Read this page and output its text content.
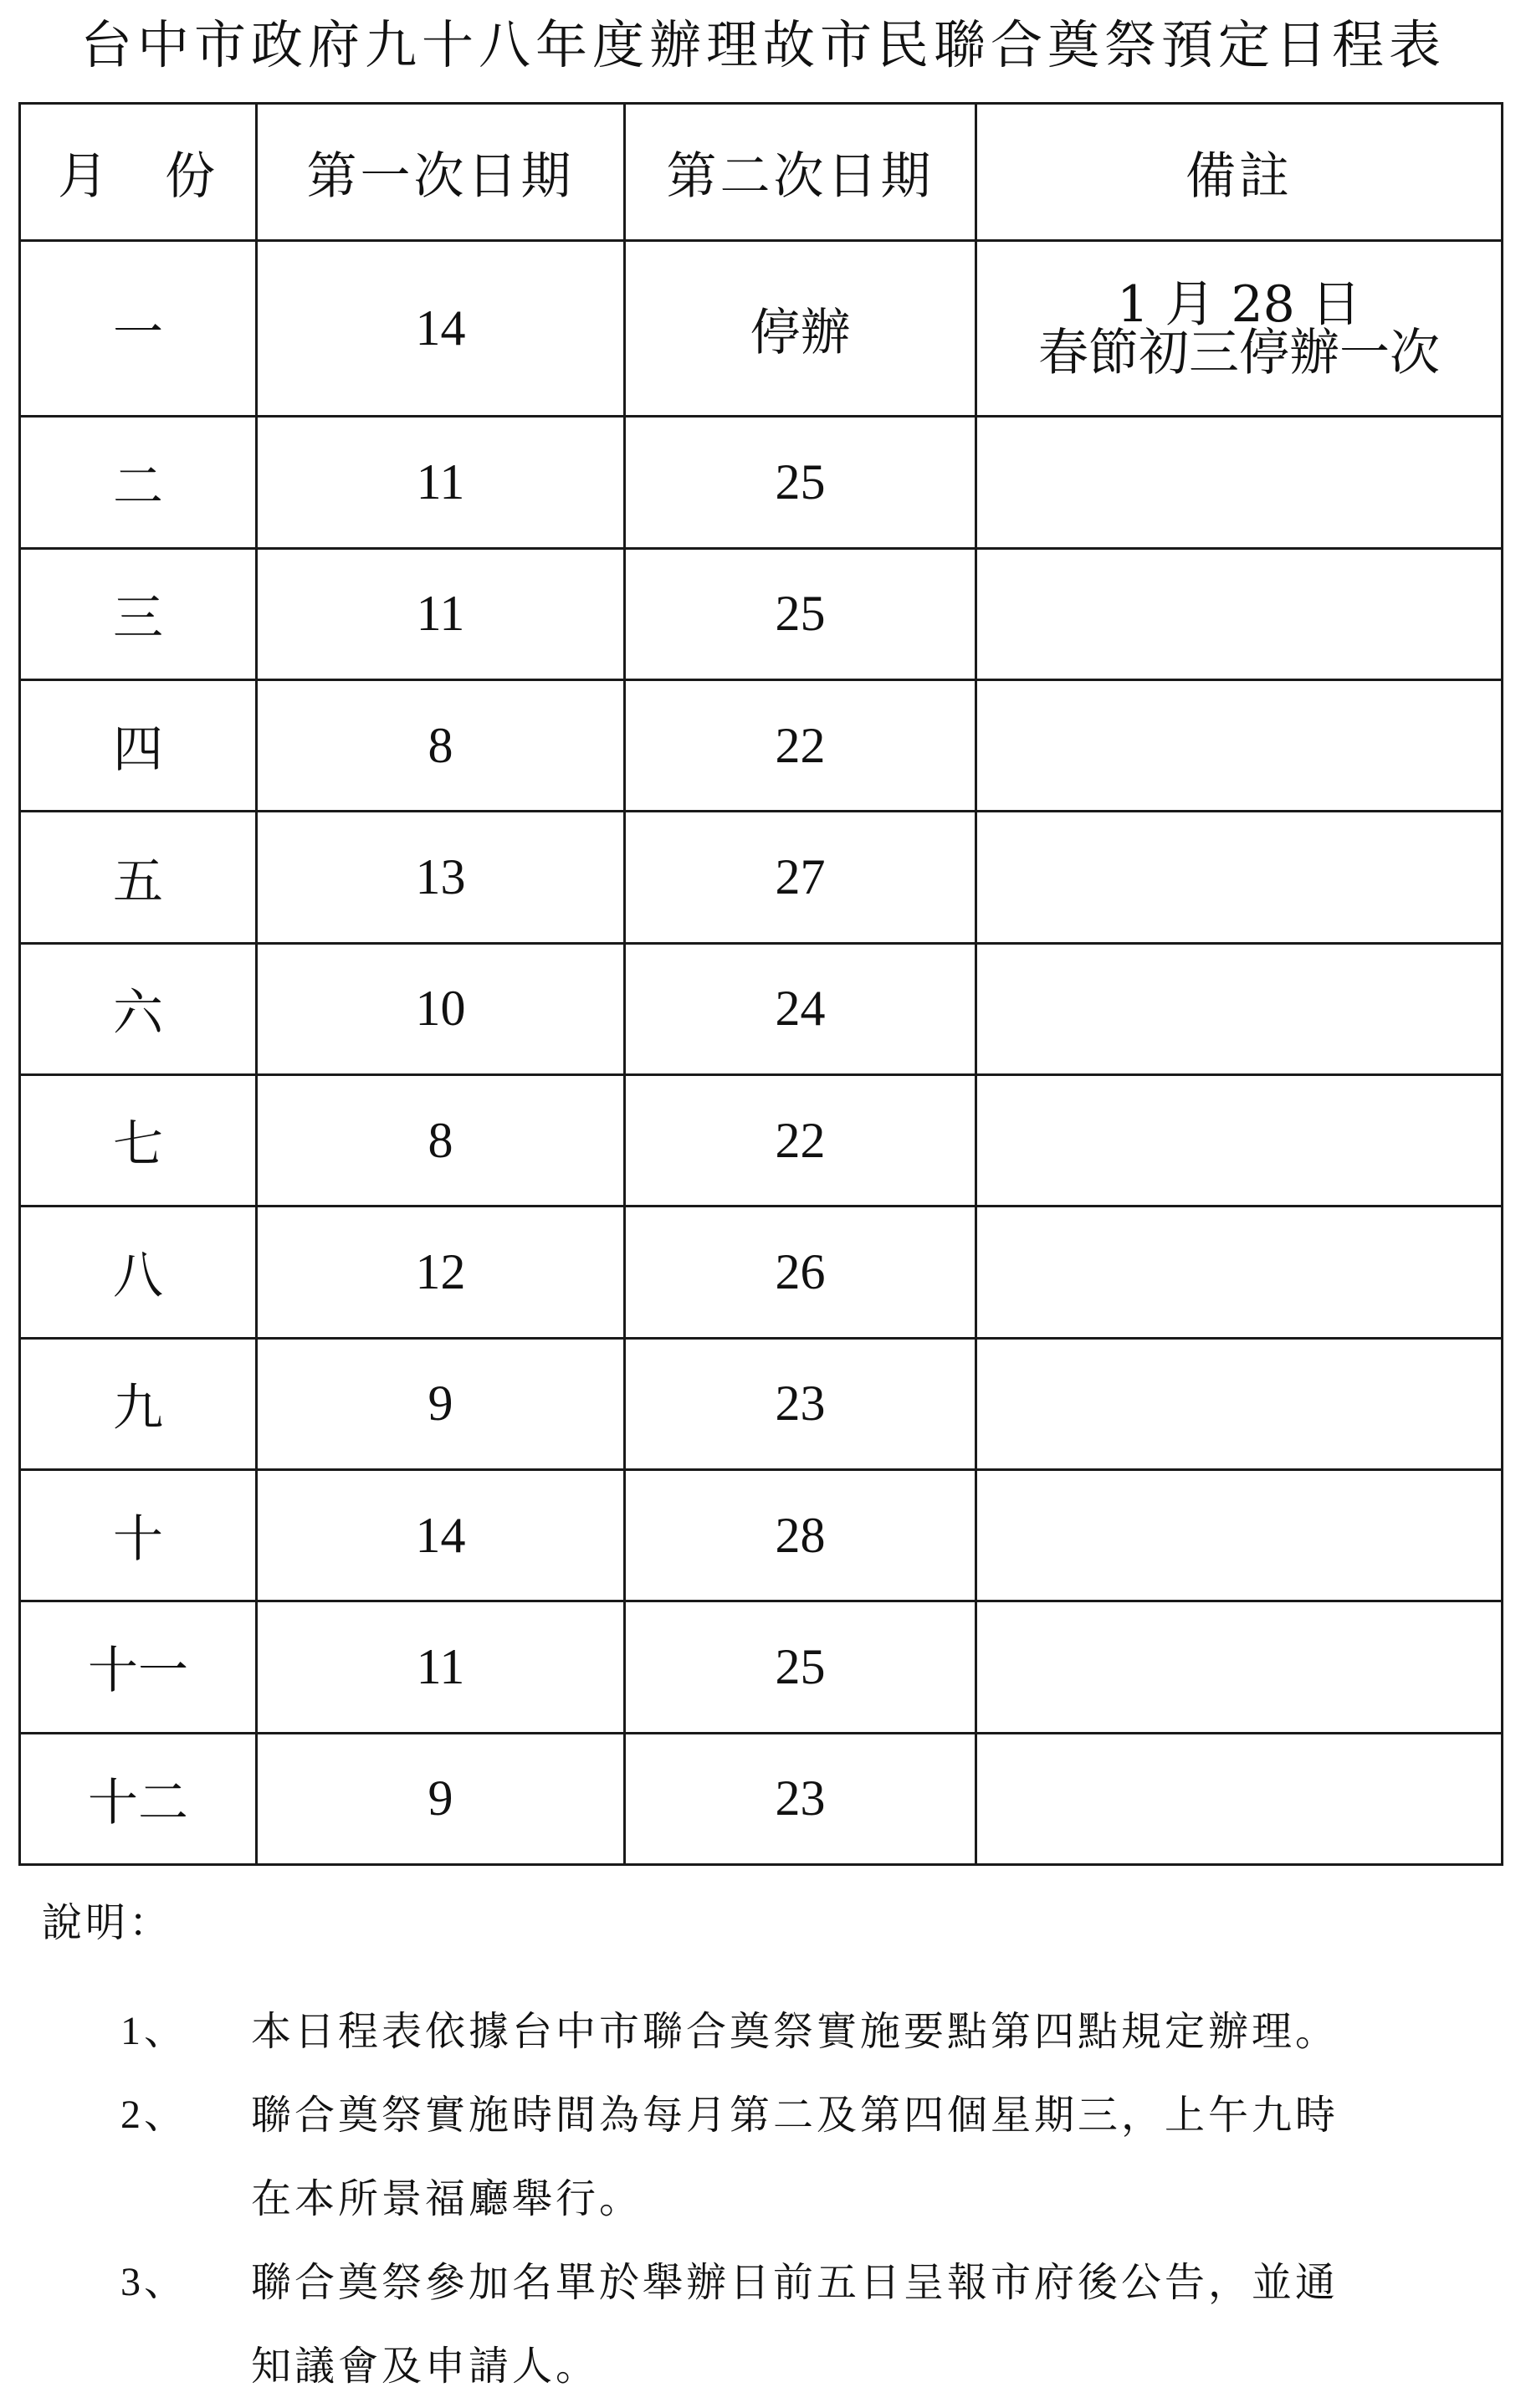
台中市政府九十八年度辦理故市民聯合奠祭預定日程表
月　份	第一次日期	第二次日期	備註
一	14	停辦	1 月 28 日
春節初三停辦一次

二	11	25	
三	11	25	
四	8	22	
五	13	27	
六	10	24	
七	8	22	
八	12	26	
九	9	23	
十	14	28	
十一	11	25	
十二	9	23	
說明：
1、	本日程表依據台中市聯合奠祭實施要點第四點規定辦理。
2、	聯合奠祭實施時間為每月第二及第四個星期三，上午九時
在本所景福廳舉行。
3、	聯合奠祭參加名單於舉辦日前五日呈報市府後公告，並通
知議會及申請人。
